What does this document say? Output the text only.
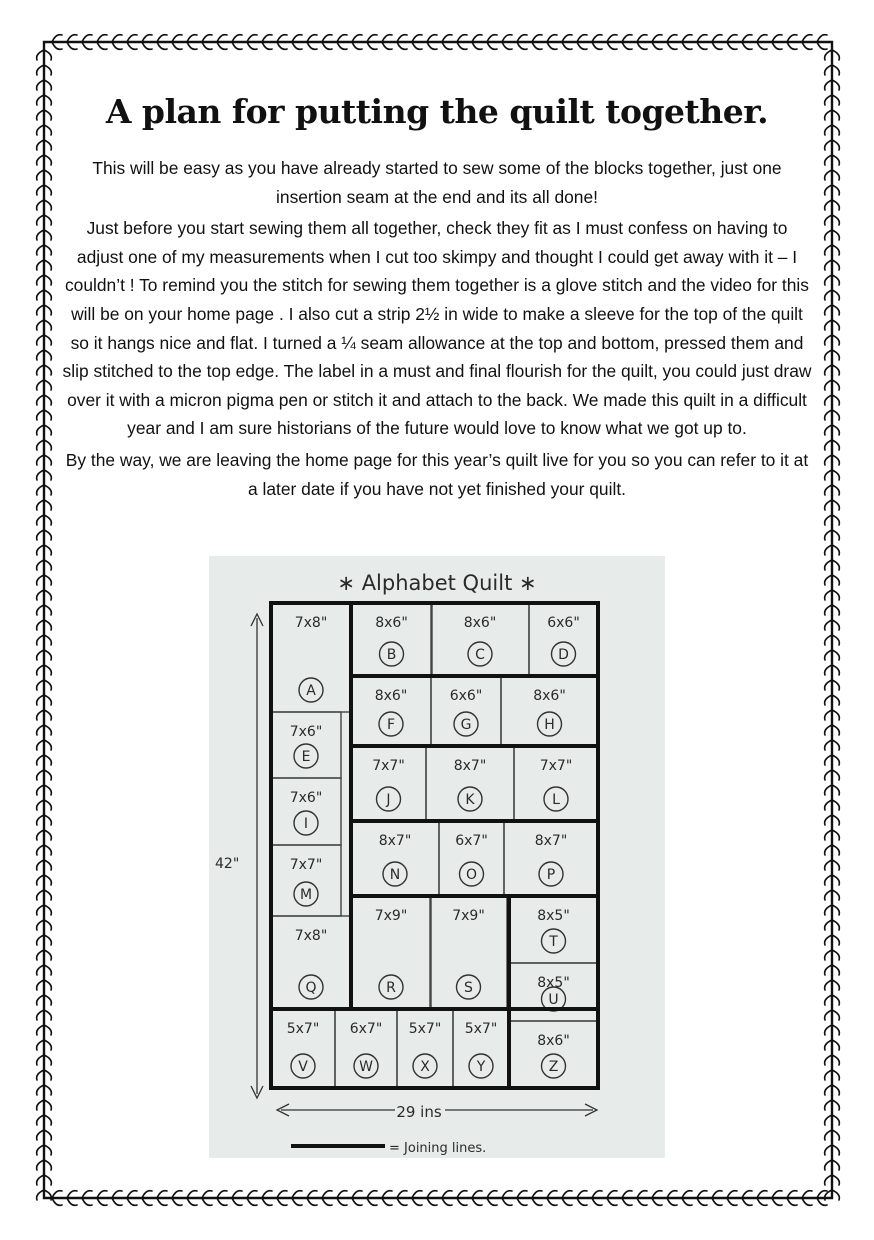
A plan for putting the quilt together.

This will be easy as you have already started to sew some of the blocks together, just one insertion seam at the end and its all done!

Just before you start sewing them all together, check they fit as I must confess on having to adjust one of my measurements when I cut too skimpy and thought I could get away with it – I couldn’t ! To remind you the stitch for sewing them together is a glove stitch and the video for this will be on your home page . I also cut a strip 2½ in wide to make a sleeve for the top of the quilt so it hangs nice and flat. I turned a ¼ seam allowance at the top and bottom, pressed them and slip stitched to the top edge. The label in a must and final flourish for the quilt, you could just draw over it with a micron pigma pen or stitch it and attach to the back. We made this quilt in a difficult year and I am sure historians of the future would love to know what we got up to.

By the way, we are leaving the home page for this year’s quilt live for you so you can refer to it at a later date if you have not yet finished your quilt.

∗ Alphabet Quilt ∗
42"
29 ins
= Joining lines.
7x8"
A
8x6"
B
8x6"
C
6x6"
D
7x6"
E
8x6"
F
6x6"
G
8x6"
H
7x6"
I
7x7"
J
8x7"
K
7x7"
L
7x7"
M
8x7"
N
6x7"
O
8x7"
P
7x8"
Q
7x9"
R
7x9"
S
8x5"
T
8x5"
U
5x7"
V
6x7"
W
5x7"
X
5x7"
Y
8x6"
Z
